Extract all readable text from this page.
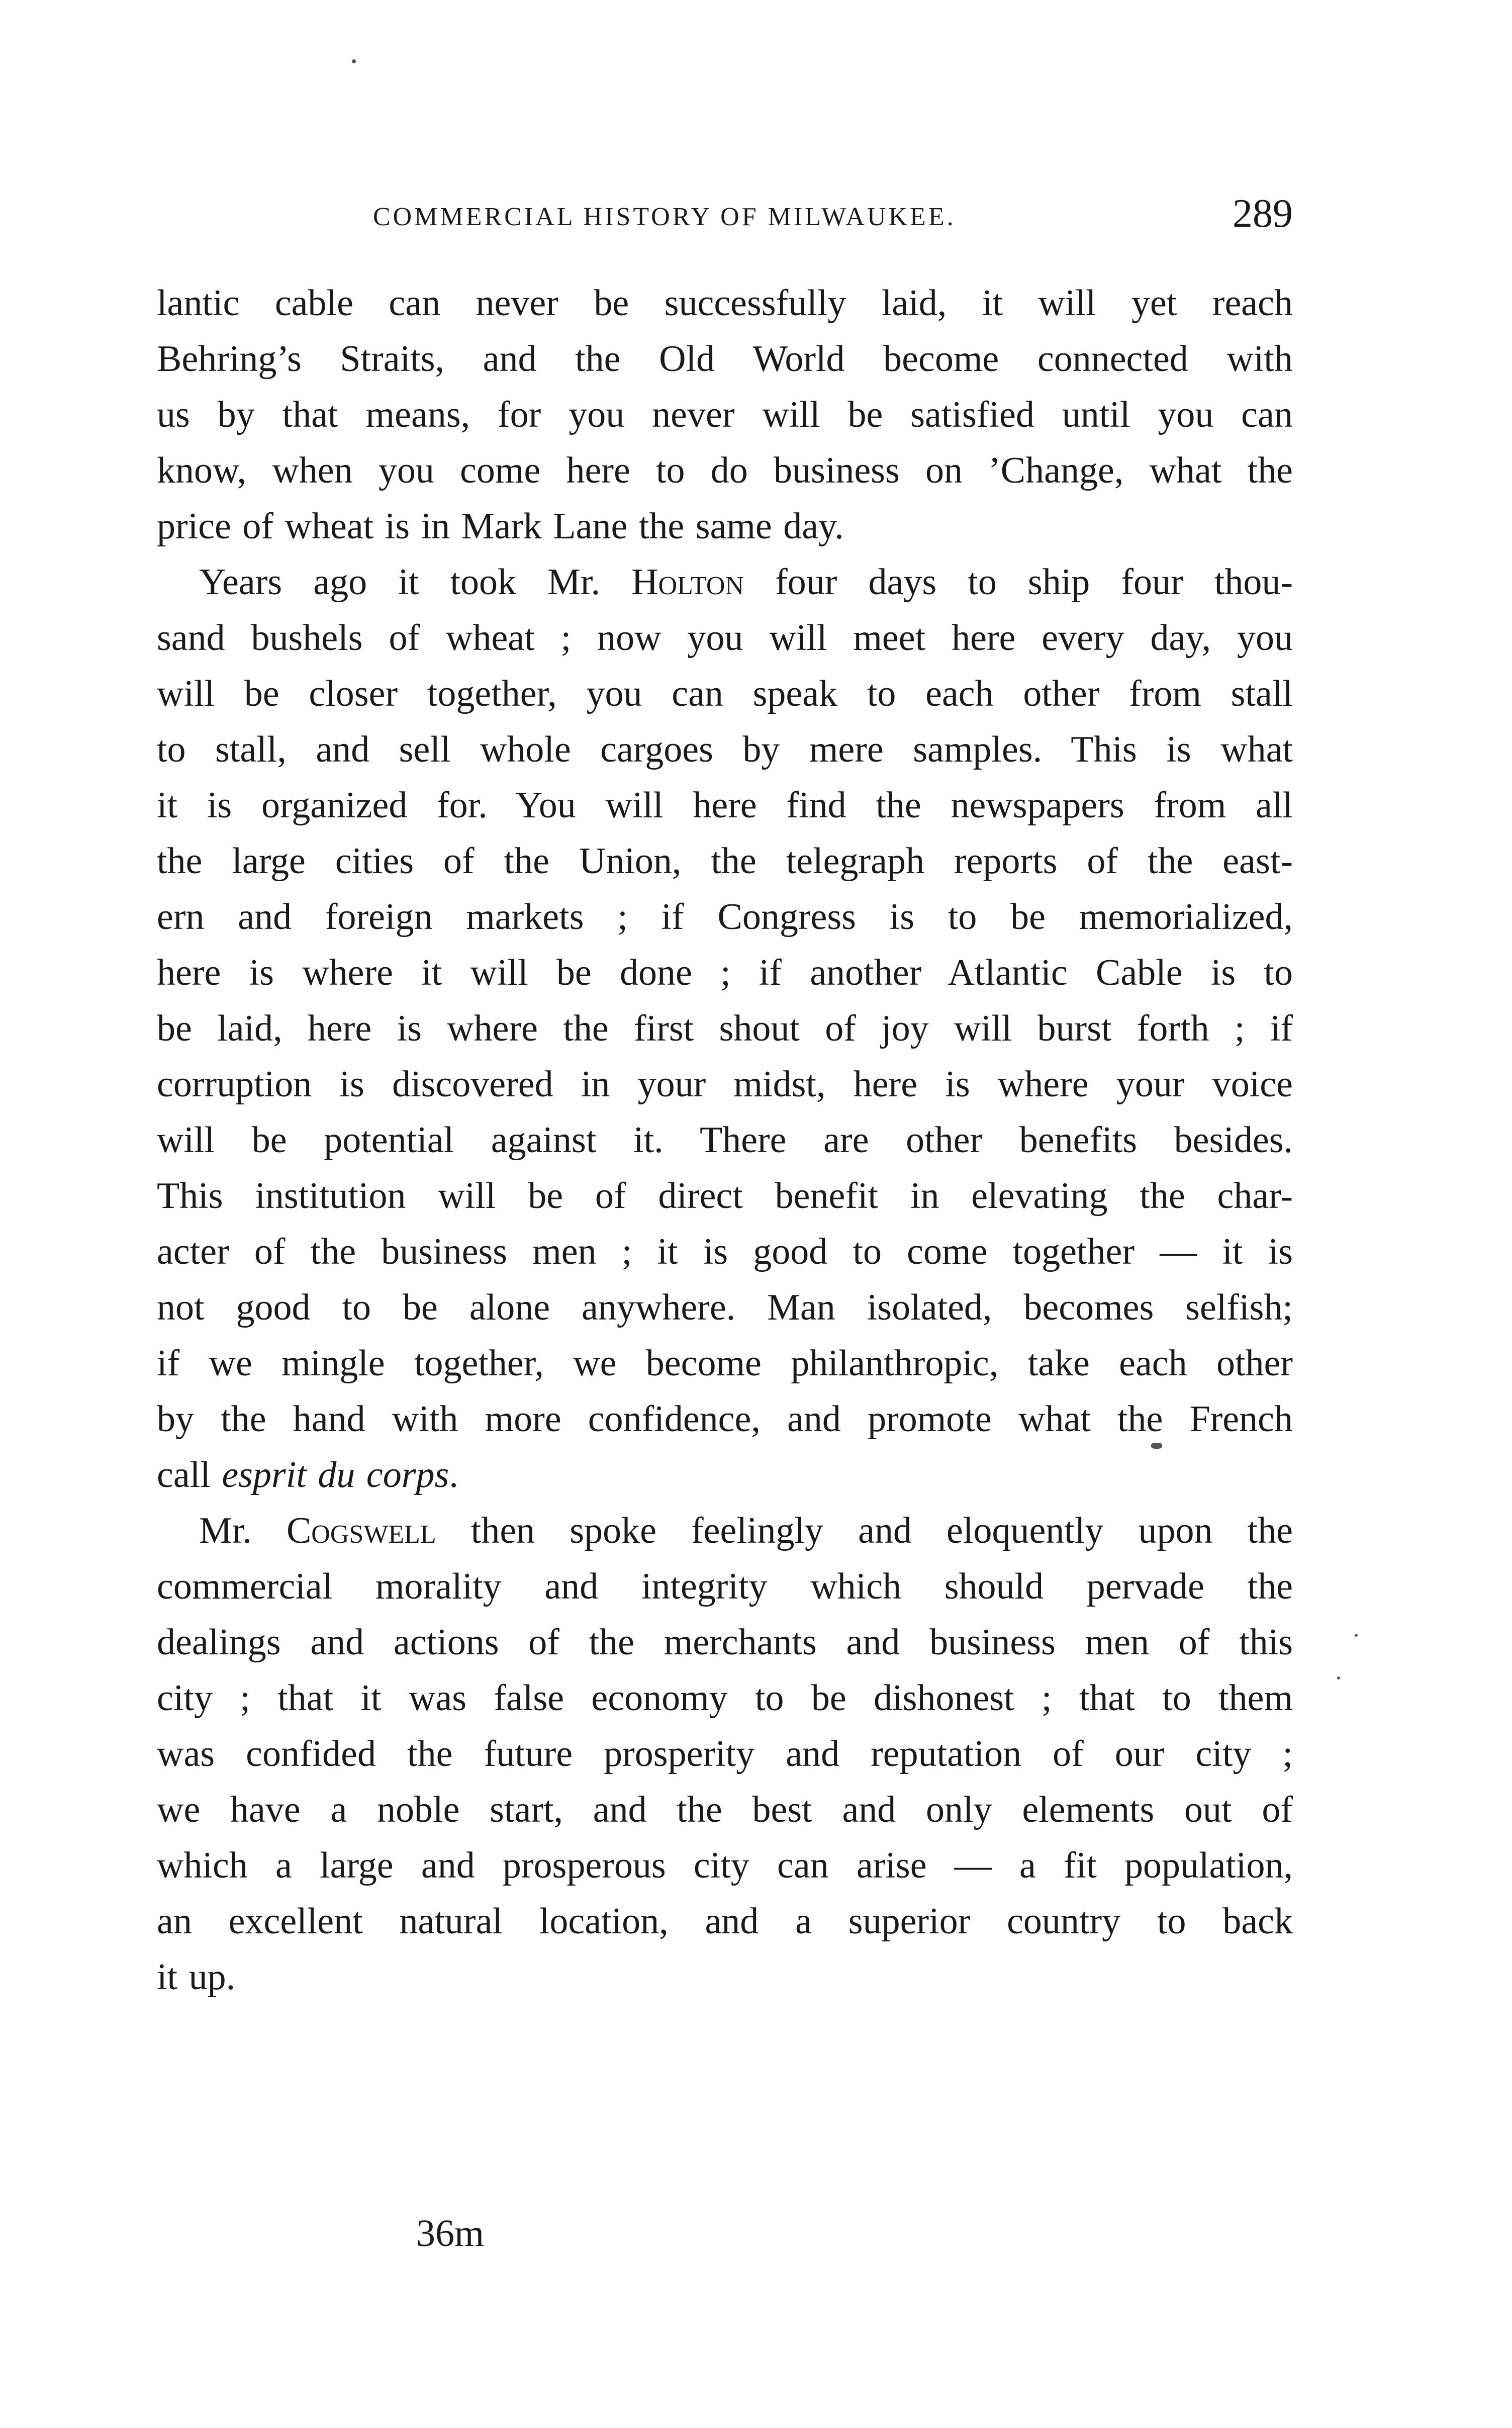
COMMERCIAL HISTORY OF MILWAUKEE.	289
lantic cable can never be successfully laid, it will yet reach
Behring’s Straits, and the Old World become connected with
us by that means, for you never will be satisfied until you can
know, when you come here to do business on ’Change, what the
price of wheat is in Mark Lane the same day.
Years ago it took Mr. Holton four days to ship four thou-
sand bushels of wheat ; now you will meet here every day, you
will be closer together, you can speak to each other from stall
to stall, and sell whole cargoes by mere samples. This is what
it is organized for. You will here find the newspapers from all
the large cities of the Union, the telegraph reports of the east-
ern and foreign markets ; if Congress is to be memorialized,
here is where it will be done ; if another Atlantic Cable is to
be laid, here is where the first shout of joy will burst forth ; if
corruption is discovered in your midst, here is where your voice
will be potential against it. There are other benefits besides.
This institution will be of direct benefit in elevating the char-
acter of the business men ; it is good to come together — it is
not good to be alone anywhere. Man isolated, becomes selfish;
if we mingle together, we become philanthropic, take each other
by the hand with more confidence, and promote what the French
call esprit du corps.
Mr. Cogswell then spoke feelingly and eloquently upon the
commercial morality and integrity which should pervade the
dealings and actions of the merchants and business men of this
city ; that it was false economy to be dishonest ; that to them
was confided the future prosperity and reputation of our city ;
we have a noble start, and the best and only elements out of
which a large and prosperous city can arise — a fit population,
an excellent natural location, and a superior country to back
it up.
36m
